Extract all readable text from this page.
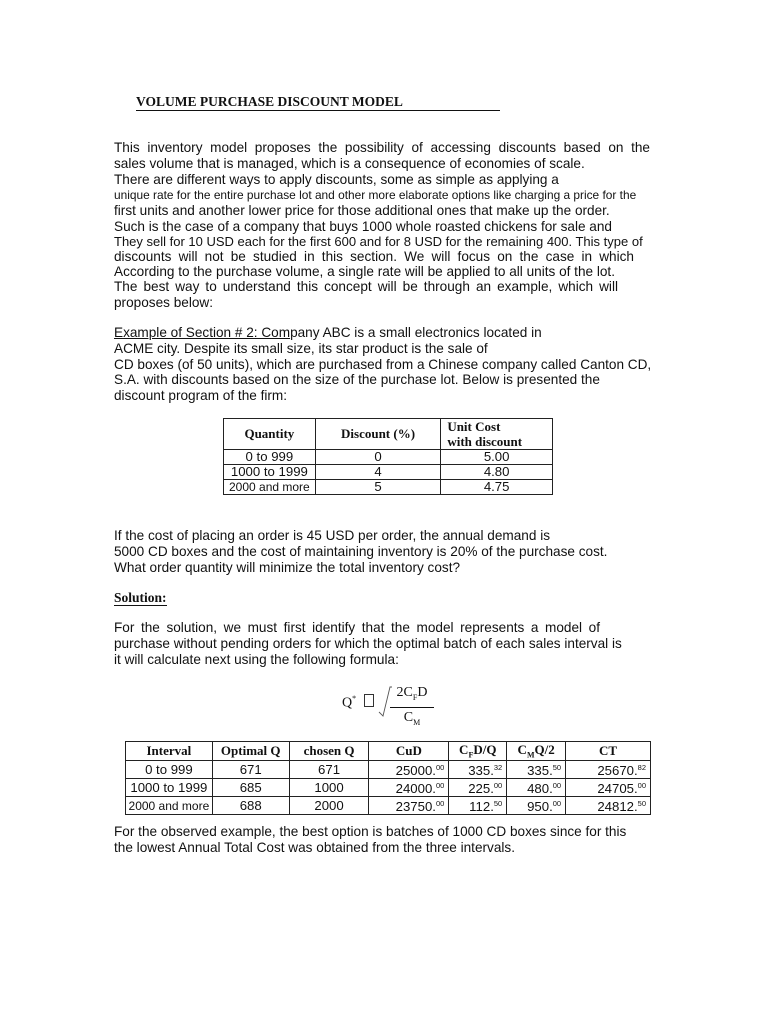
VOLUME PURCHASE DISCOUNT MODEL
This inventory model proposes the possibility of accessing discounts based on the
sales volume that is managed, which is a consequence of economies of scale.
There are different ways to apply discounts, some as simple as applying a
unique rate for the entire purchase lot and other more elaborate options like charging a price for the
first units and another lower price for those additional ones that make up the order.
Such is the case of a company that buys 1000 whole roasted chickens for sale and
They sell for 10 USD each for the first 600 and for 8 USD for the remaining 400. This type of
discounts will not be studied in this section. We will focus on the case in which
According to the purchase volume, a single rate will be applied to all units of the lot.
The best way to understand this concept will be through an example, which will
proposes below:
Example of Section # 2: Company ABC is a small electronics located in
ACME city. Despite its small size, its star product is the sale of
CD boxes (of 50 units), which are purchased from a Chinese company called Canton CD,
S.A. with discounts based on the size of the purchase lot. Below is presented the
discount program of the firm:
Quantity	Discount (%)	Unit Cost
with discount
0 to 999	0	5.00
1000 to 1999	4	4.80
2000 and more	5	4.75
If the cost of placing an order is 45 USD per order, the annual demand is
5000 CD boxes and the cost of maintaining inventory is 20% of the purchase cost.
What order quantity will minimize the total inventory cost?
Solution:
For the solution, we must first identify that the model represents a model of
purchase without pending orders for which the optimal batch of each sales interval is
it will calculate next using the following formula:
Q*	$2C_FD$
$C_M$
Interval	Optimal Q	chosen Q	CuD	$C_FD/Q$	$C_MQ/2$	CT
0 to 999	671	671	25000.00	335.32	335.50	25670.82
1000 to 1999	685	1000	24000.00	225.00	480.00	24705.00
2000 and more	688	2000	23750.00	112.50	950.00	24812.50
For the observed example, the best option is batches of 1000 CD boxes since for this
the lowest Annual Total Cost was obtained from the three intervals.
